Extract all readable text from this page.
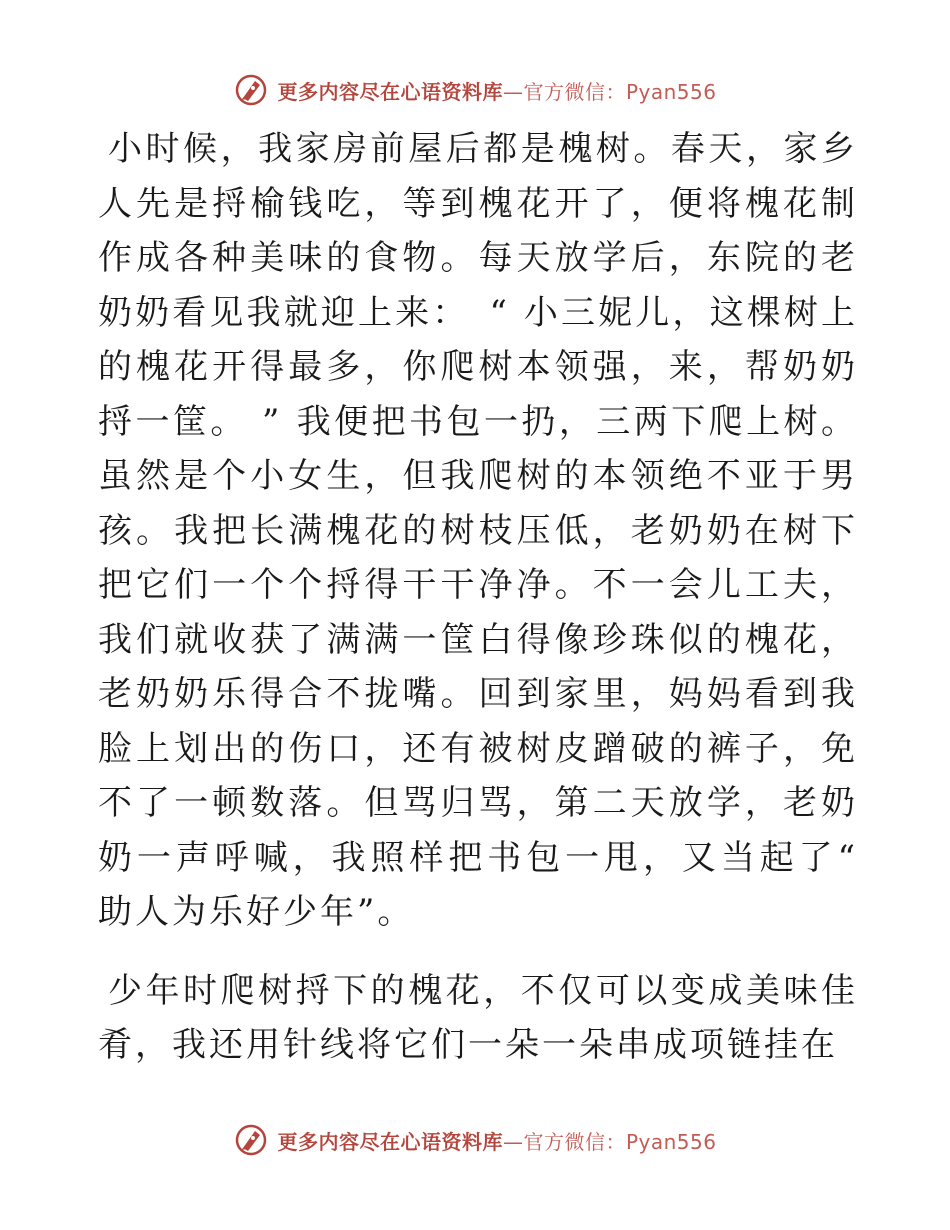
更多内容尽在心语资料库—官方微信：Pyan556

小时候，我家房前屋后都是槐树。春天，家乡人先是捋榆钱吃，等到槐花开了，便将槐花制作成各种美味的食物。每天放学后，东院的老奶奶看见我就迎上来：　“ 小三妮儿，这棵树上的槐花开得最多，你爬树本领强，来，帮奶奶捋一筐。 ” 我便把书包一扔，三两下爬上树。虽然是个小女生，但我爬树的本领绝不亚于男孩。我把长满槐花的树枝压低，老奶奶在树下把它们一个个捋得干干净净。不一会儿工夫，我们就收获了满满一筐白得像珍珠似的槐花，老奶奶乐得合不拢嘴。回到家里，妈妈看到我脸上划出的伤口，还有被树皮蹭破的裤子，免不了一顿数落。但骂归骂，第二天放学，老奶奶一声呼喊，我照样把书包一甩，又当起了“ 助人为乐好少年”。

少年时爬树捋下的槐花，不仅可以变成美味佳肴，我还用针线将它们一朵一朵串成项链挂在

更多内容尽在心语资料库—官方微信：Pyan556
